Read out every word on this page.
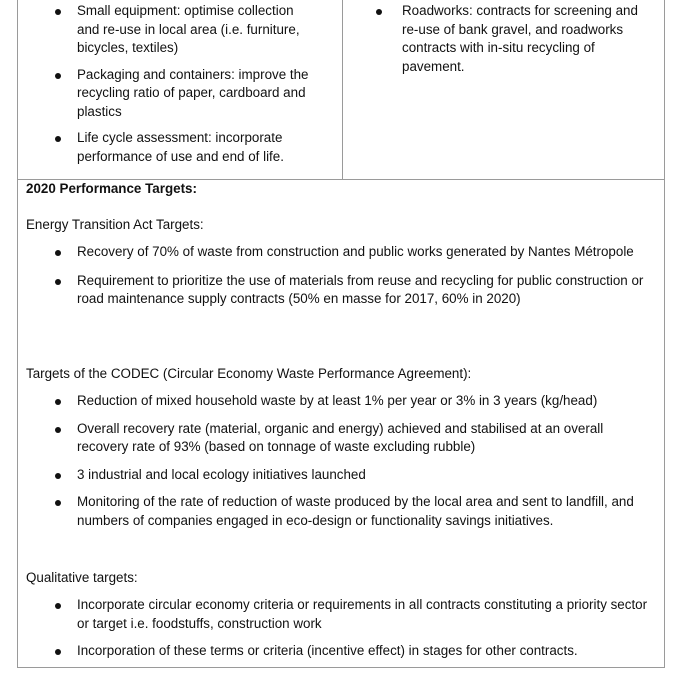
Small equipment: optimise collection and re-use in local area (i.e. furniture, bicycles, textiles)
Packaging and containers: improve the recycling ratio of paper, cardboard and plastics
Life cycle assessment: incorporate performance of use and end of life.
Roadworks: contracts for screening and re-use of bank gravel, and roadworks contracts with in-situ recycling of pavement.
2020 Performance Targets:
Energy Transition Act Targets:
Recovery of 70% of waste from construction and public works generated by Nantes Métropole
Requirement to prioritize the use of materials from reuse and recycling for public construction or road maintenance supply contracts (50% en masse for 2017, 60% in 2020)
Targets of the CODEC (Circular Economy Waste Performance Agreement):
Reduction of mixed household waste by at least 1% per year or 3% in 3 years (kg/head)
Overall recovery rate (material, organic and energy) achieved and stabilised at an overall recovery rate of 93% (based on tonnage of waste excluding rubble)
3 industrial and local ecology initiatives launched
Monitoring of the rate of reduction of waste produced by the local area and sent to landfill, and numbers of companies engaged in eco-design or functionality savings initiatives.
Qualitative targets:
Incorporate circular economy criteria or requirements in all contracts constituting a priority sector or target i.e. foodstuffs, construction work
Incorporation of these terms or criteria (incentive effect) in stages for other contracts.
